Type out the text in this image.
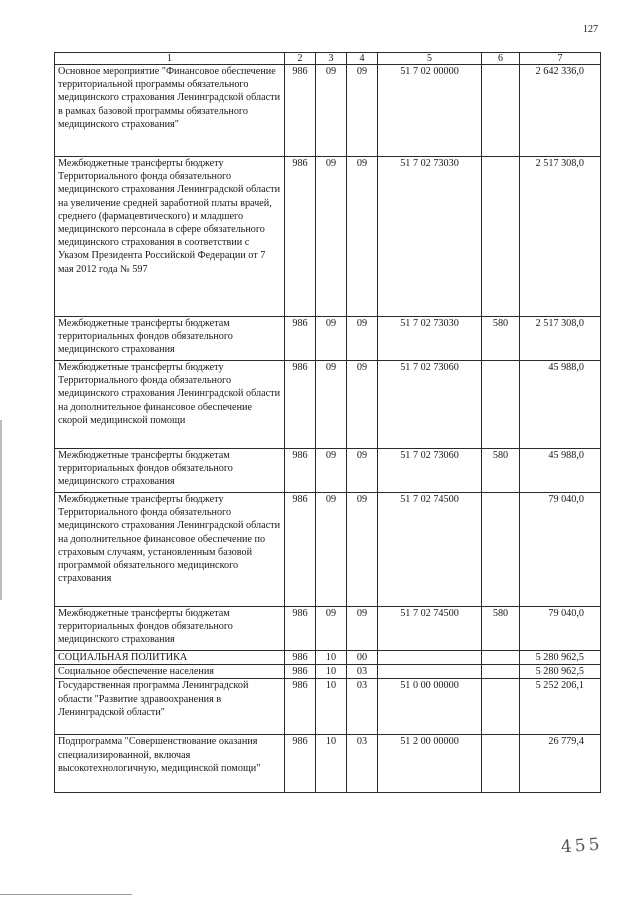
127
1	2	3	4	5	6	7
Основное мероприятие "Финансовое обеспечение территориальной программы обязательного медицинского страхования Ленинградской области в рамках базовой программы обязательного медицинского страхования"	986	09	09	51 7 02 00000		2 642 336,0
Межбюджетные трансферты бюджету Территориального фонда обязательного медицинского страхования Ленинградской области на увеличение средней заработной платы врачей, среднего (фармацевтического) и младшего медицинского персонала в сфере обязательного медицинского страхования в соответствии с Указом Президента Российской Федерации от 7 мая 2012 года № 597	986	09	09	51 7 02 73030		2 517 308,0
Межбюджетные трансферты бюджетам территориальных фондов обязательного медицинского страхования	986	09	09	51 7 02 73030	580	2 517 308,0
Межбюджетные трансферты бюджету Территориального фонда обязательного медицинского страхования Ленинградской области на дополнительное финансовое обеспечение скорой медицинской помощи	986	09	09	51 7 02 73060		45 988,0
Межбюджетные трансферты бюджетам территориальных фондов обязательного медицинского страхования	986	09	09	51 7 02 73060	580	45 988,0
Межбюджетные трансферты бюджету Территориального фонда обязательного медицинского страхования Ленинградской области на дополнительное финансовое обеспечение по страховым случаям, установленным базовой программой обязательного медицинского страхования	986	09	09	51 7 02 74500		79 040,0
Межбюджетные трансферты бюджетам территориальных фондов обязательного медицинского страхования	986	09	09	51 7 02 74500	580	79 040,0
СОЦИАЛЬНАЯ ПОЛИТИКА	986	10	00			5 280 962,5
Социальное обеспечение населения	986	10	03			5 280 962,5
Государственная программа Ленинградской области "Развитие здравоохранения в Ленинградской области"	986	10	03	51 0 00 00000		5 252 206,1
Подпрограмма "Совершенствование оказания специализированной, включая высокотехнологичную, медицинской помощи"	986	10	03	51 2 00 00000		26 779,4
455
